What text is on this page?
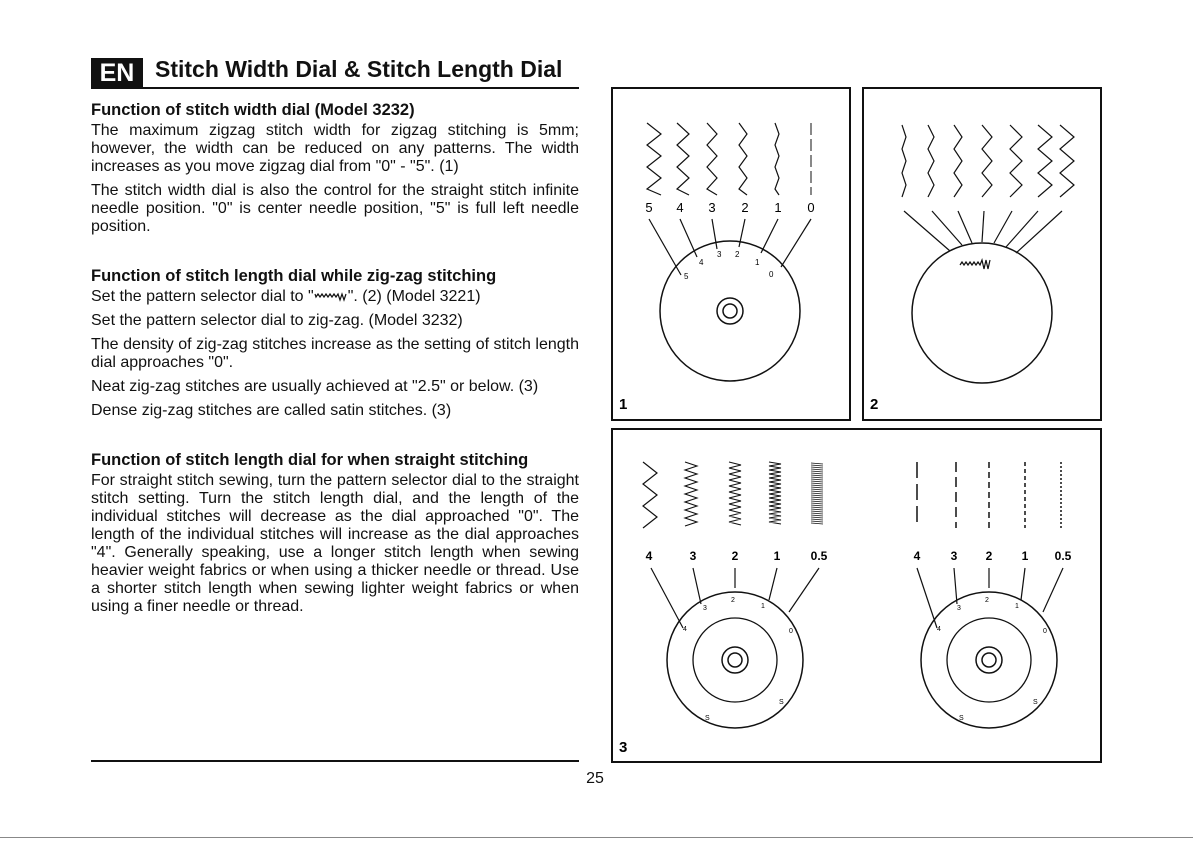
EN Stitch Width Dial & Stitch Length Dial

Function of stitch width dial (Model 3232)

The maximum zigzag stitch width for zigzag stitching is 5mm; however, the width can be reduced on any patterns. The width increases as you move zigzag dial from "0" - "5". (1)

The stitch width dial is also the control for the straight stitch infinite needle position. "0" is center needle position, "5" is full left needle position.

Function of stitch length dial while zig-zag stitching

Set the pattern selector dial to " ". (2) (Model 3221)

Set the pattern selector dial to zig-zag. (Model 3232)

The density of zig-zag stitches increase as the setting of stitch length dial approaches "0".

Neat zig-zag stitches are usually achieved at "2.5" or below. (3)

Dense zig-zag stitches are called satin stitches. (3)

Function of stitch length dial for when straight stitching

For straight stitch sewing, turn the pattern selector dial to the straight stitch setting. Turn the stitch length dial, and the length of the individual stitches will decrease as the dial approached "0". The length of the individual stitches will increase as the dial approaches "4". Generally speaking, use a longer stitch length when sewing heavier weight fabrics or when using a thicker needle or thread. Use a shorter stitch length when sewing lighter weight fabrics or when using a finer needle or thread.

25
5 4 3 2 1 0
5
4
3 2
1
0
1	2
4	3	2	1	0.5
4
3
2
1
0
S
S
4	3 2 1 0.5
4
3
2
1
0
S
S
3
